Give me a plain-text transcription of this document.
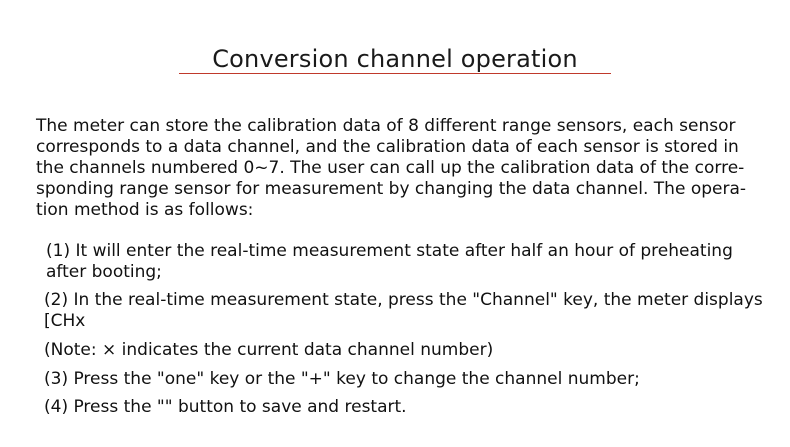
Conversion channel operation

The meter can store the calibration data of 8 different range sensors, each sensor corresponds to a data channel, and the calibration data of each sensor is stored in the channels numbered 0~7. The user can call up the calibration data of the corre-sponding range sensor for measurement by changing the data channel. The opera-tion method is as follows:

(1) It will enter the real-time measurement state after half an hour of preheating after booting;

(2) In the real-time measurement state, press the "Channel" key, the meter displays [CHx

(Note: × indicates the current data channel number)

(3) Press the "one" key or the "+" key to change the channel number;

(4) Press the "" button to save and restart.
